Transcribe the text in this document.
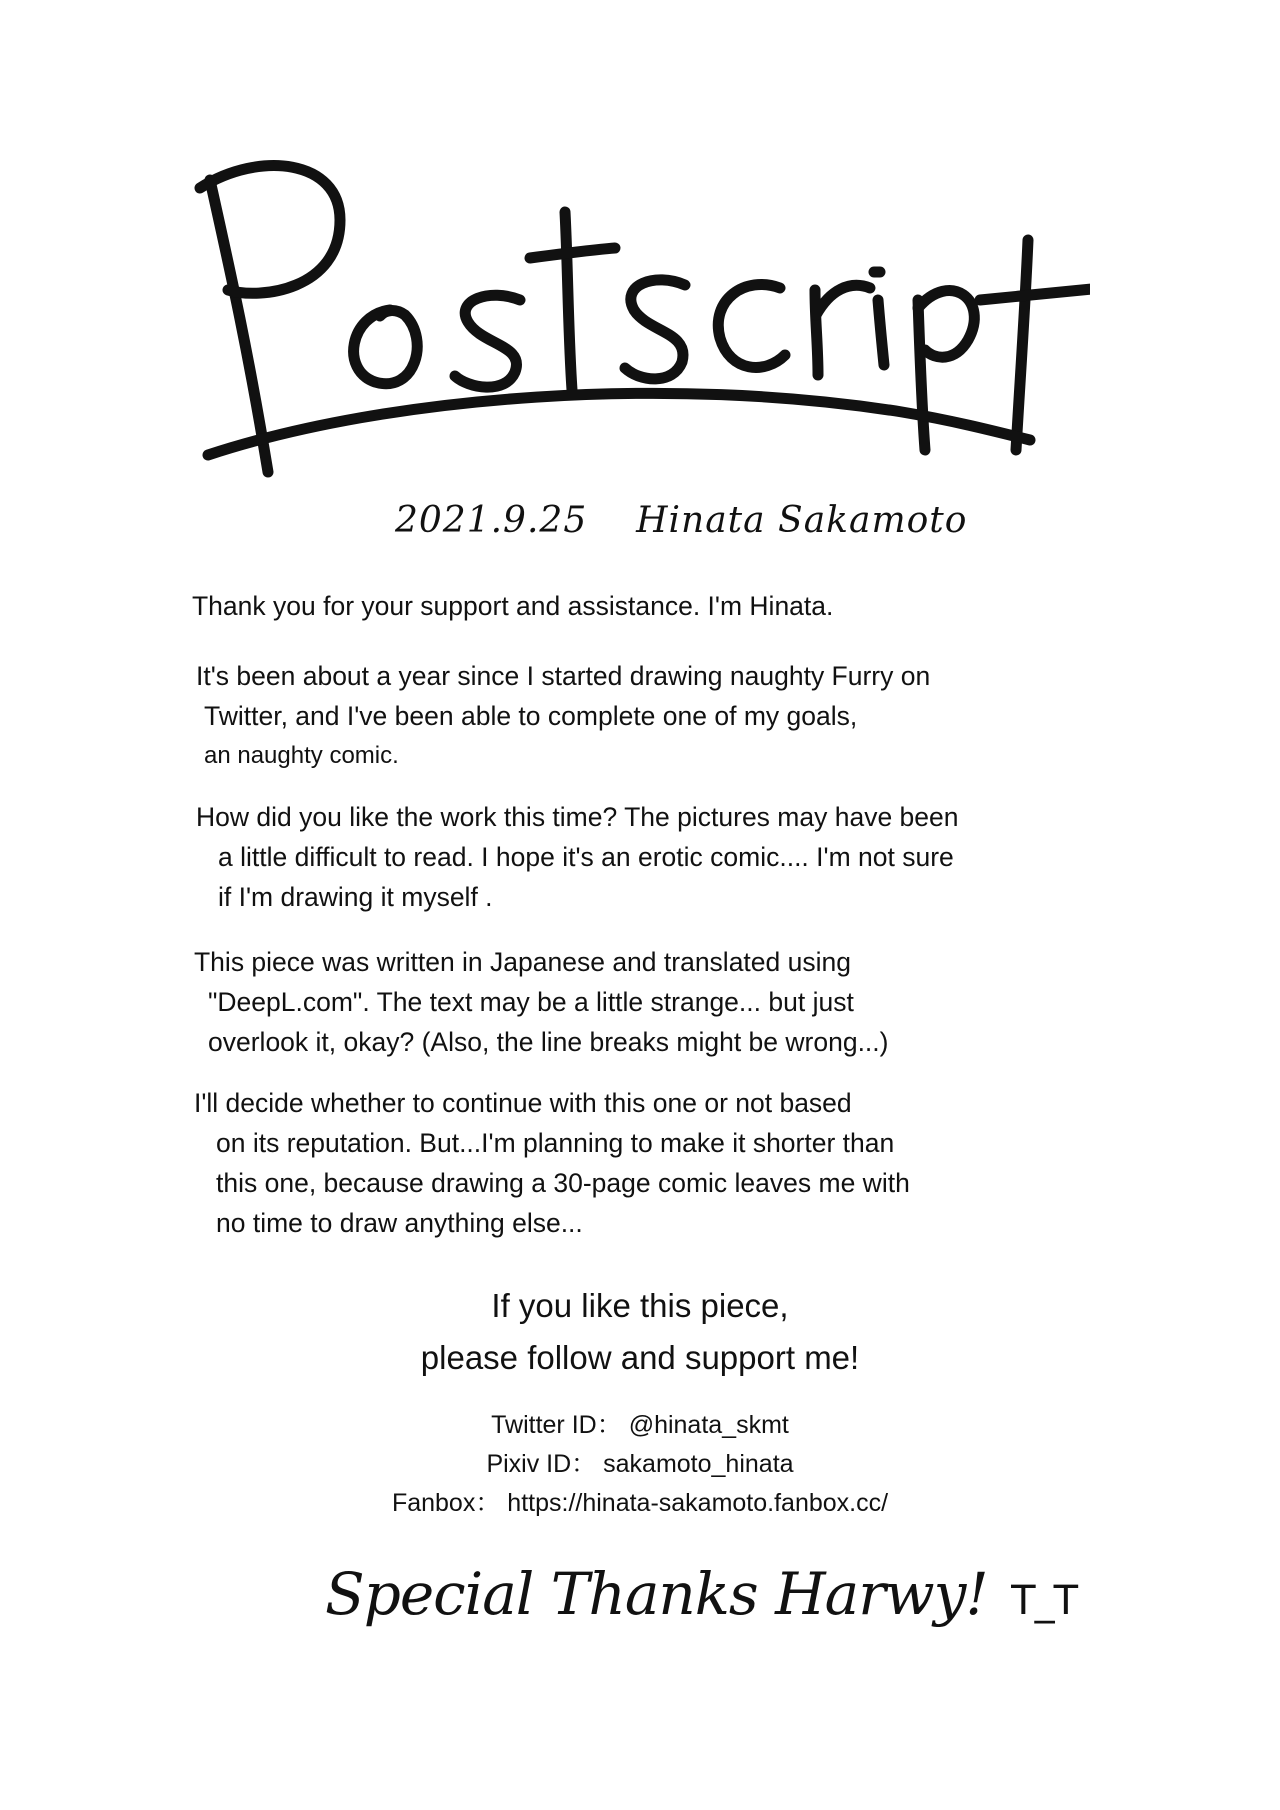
2021.9.25 Hinata Sakamoto
Thank you for your support and assistance. I'm Hinata.
It's been about a year since I started drawing naughty Furry on
Twitter, and I've been able to complete one of my goals,
an naughty comic.
How did you like the work this time? The pictures may have been
a little difficult to read. I hope it's an erotic comic.... I'm not sure
if I'm drawing it myself .
This piece was written in Japanese and translated using
"DeepL.com". The text may be a little strange... but just
overlook it, okay? (Also, the line breaks might be wrong...)
I'll decide whether to continue with this one or not based
on its reputation. But...I'm planning to make it shorter than
this one, because drawing a 30-page comic leaves me with
no time to draw anything else...
If you like this piece,
please follow and support me!
Twitter ID： @hinata_skmt
Pixiv ID： sakamoto_hinata
Fanbox： https://hinata-sakamoto.fanbox.cc/
Special Thanks Harwy! T_T
